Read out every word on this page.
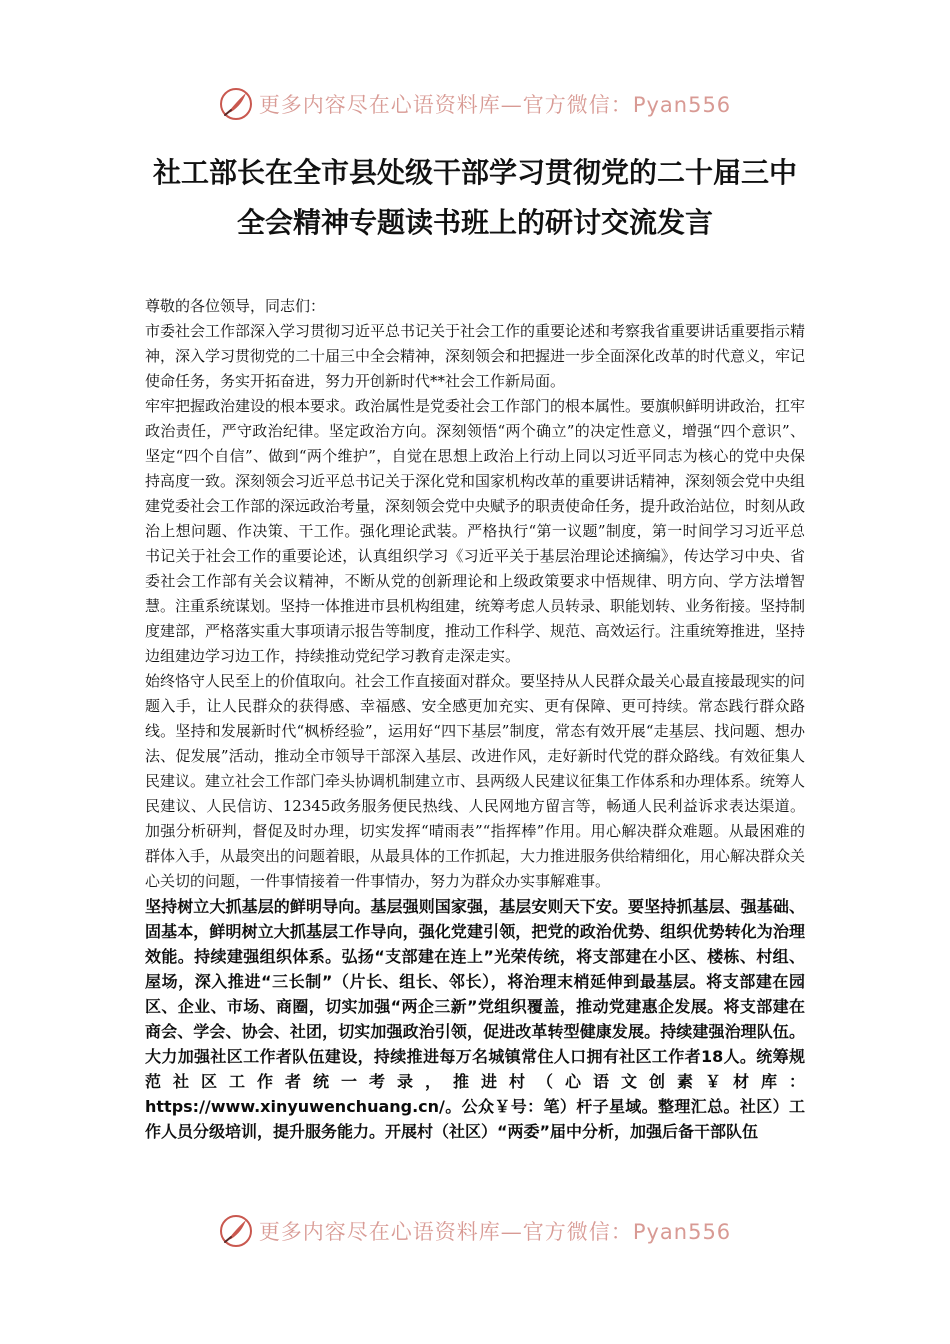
更多内容尽在心语资料库—官方微信：Pyan556
社工部长在全市县处级干部学习贯彻党的二十届三中
全会精神专题读书班上的研讨交流发言

尊敬的各位领导，同志们：

市委社会工作部深入学习贯彻习近平总书记关于社会工作的重要论述和考察我省重要讲话重要指示精神，深入学习贯彻党的二十届三中全会精神，深刻领会和把握进一步全面深化改革的时代意义，牢记使命任务，务实开拓奋进，努力开创新时代**社会工作新局面。

牢牢把握政治建设的根本要求。政治属性是党委社会工作部门的根本属性。要旗帜鲜明讲政治，扛牢政治责任，严守政治纪律。坚定政治方向。深刻领悟“两个确立”的决定性意义，增强“四个意识”、坚定“四个自信”、做到“两个维护”，自觉在思想上政治上行动上同以习近平同志为核心的党中央保持高度一致。深刻领会习近平总书记关于深化党和国家机构改革的重要讲话精神，深刻领会党中央组建党委社会工作部的深远政治考量，深刻领会党中央赋予的职责使命任务，提升政治站位，时刻从政治上想问题、作决策、干工作。强化理论武装。严格执行“第一议题”制度，第一时间学习习近平总书记关于社会工作的重要论述，认真组织学习《习近平关于基层治理论述摘编》，传达学习中央、省委社会工作部有关会议精神，不断从党的创新理论和上级政策要求中悟规律、明方向、学方法增智慧。注重系统谋划。坚持一体推进市县机构组建，统筹考虑人员转录、职能划转、业务衔接。坚持制度建部，严格落实重大事项请示报告等制度，推动工作科学、规范、高效运行。注重统筹推进，坚持边组建边学习边工作，持续推动党纪学习教育走深走实。

始终恪守人民至上的价值取向。社会工作直接面对群众。要坚持从人民群众最关心最直接最现实的问题入手，让人民群众的获得感、幸福感、安全感更加充实、更有保障、更可持续。常态践行群众路线。坚持和发展新时代“枫桥经验”，运用好“四下基层”制度，常态有效开展“走基层、找问题、想办法、促发展”活动，推动全市领导干部深入基层、改进作风，走好新时代党的群众路线。有效征集人民建议。建立社会工作部门牵头协调机制建立市、县两级人民建议征集工作体系和办理体系。统筹人民建议、人民信访、12345政务服务便民热线、人民网地方留言等，畅通人民利益诉求表达渠道。加强分析研判，督促及时办理，切实发挥“晴雨表”“指挥棒”作用。用心解决群众难题。从最困难的群体入手，从最突出的问题着眼，从最具体的工作抓起，大力推进服务供给精细化，用心解决群众关心关切的问题，一件事情接着一件事情办，努力为群众办实事解难事。

坚持树立大抓基层的鲜明导向。基层强则国家强，基层安则天下安。要坚持抓基层、强基础、固基本，鲜明树立大抓基层工作导向，强化党建引领，把党的政治优势、组织优势转化为治理效能。持续建强组织体系。弘扬“支部建在连上”光荣传统，将支部建在小区、楼栋、村组、屋场，深入推进“三长制”（片长、组长、邻长），将治理末梢延伸到最基层。将支部建在园区、企业、市场、商圈，切实加强“两企三新”党组织覆盖，推动党建惠企发展。将支部建在商会、学会、协会、社团，切实加强政治引领，促进改革转型健康发展。持续建强治理队伍。大力加强社区工作者队伍建设，持续推进每万名城镇常住人口拥有社区工作者18人。统筹规范社区工作者统一考录，推进村（心语文创素￥材库：https://www.xinyuwenchuang.cn/。公众￥号：笔）杆子星域。整理汇总。社区）工作人员分级培训，提升服务能力。开展村（社区）“两委”届中分析，加强后备干部队伍

更多内容尽在心语资料库—官方微信：Pyan556
